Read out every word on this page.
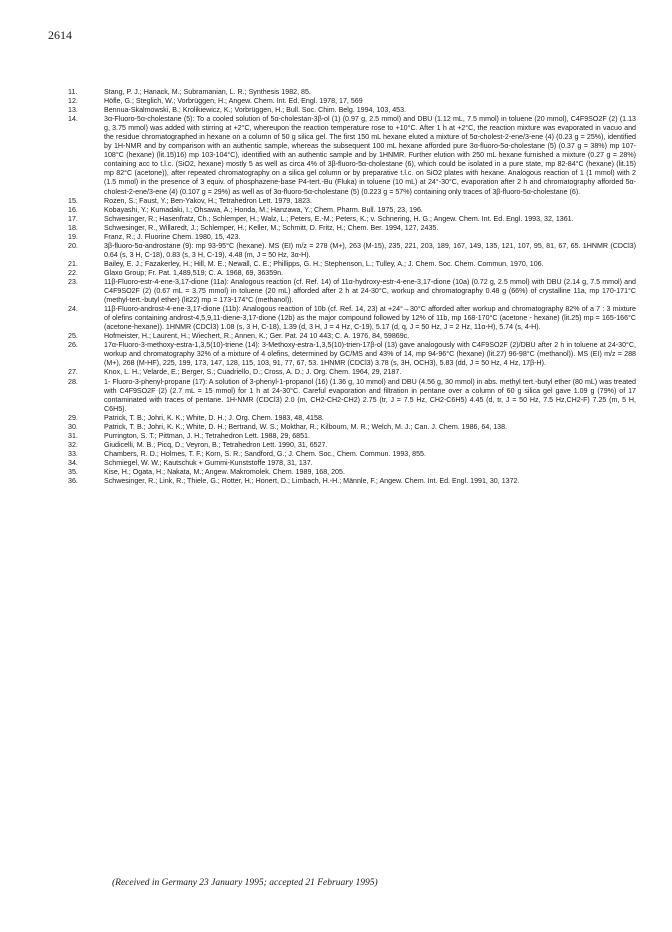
2614
11.	Stang, P. J.; Hanack, M.; Subramanian, L. R.; Synthesis 1982, 85.
12.	Höfle, G.; Steglich, W.; Vorbrüggen, H.; Angew. Chem. Int. Ed. Engl. 1978, 17, 569
13.	Bennua-Skalmowski, B.; Krolikiewicz, K.; Vorbrüggen, H.; Bull. Soc. Chim. Belg. 1994, 103, 453.
14.	3α-Fluoro-5α-cholestane (5): To a cooled solution of 5α-cholestan-3β-ol (1) (0.97 g, 2.5 mmol) and DBU (1.12 mL, 7.5 mmol) in toluene (20 mmol), C4F9SO2F (2) (1.13 g, 3.75 mmol) was added with stirring at +2°C, whereupon the reaction temperature rose to +10°C. After 1 h at +2°C, the reaction mixture was evaporated in vacuo and the residue chromatographed in hexane on a column of 50 g silica gel. The first 150 mL hexane eluted a mixture of 5α-cholest-2-ene/3-ene (4) (0.23 g = 25%), identified by 1H-NMR and by comparison with an authentic sample, whereas the subsequent 100 mL hexane afforded pure 3α-fluoro-5α-cholestane (5) (0.37 g = 38%) mp 107-108°C (hexane) (lit.15)16) mp 103-104°C), identified with an authentic sample and by 1HNMR. Further elution with 250 mL hexane furnished a mixture (0.27 g = 28%) containing acc to t.l.c. (SiO2, hexane) mostly 5 as well as circa 4% of 3β-fluoro-5α-cholestane (6), which could be isolated in a pure state, mp 82-84°C (hexane) (lit.15) mp 82°C (acetone)), after repeated chromatography on a silica gel column or by preparative t.l.c. on SiO2 plates with hexane. Analogous reaction of 1 (1 mmol) with 2 (1.5 mmol) in the presence of 3 equiv. of phosphazene-base P4-tert.-Bu (Fluka) in toluene (10 mL) at 24°-30°C, evaporation after 2 h and chromatography afforded 5α-cholest-2-ene/3-ene (4) (0.107 g = 29%) as well as of 3α-fluoro-5α-cholestane (5) (0.223 g = 57%) containing only traces of 3β-fluoro-5α-cholestane (6).
15.	Rozen, S.; Faust, Y.; Ben-Yakov, H.; Tetrahedron Lett. 1979, 1823.
16.	Kobayashi, Y.; Kumadaki, I.; Ohsawa, A.; Honda, M.; Hanzawa, Y.; Chem. Pharm. Bull. 1975, 23, 196.
17.	Schwesinger, R.; Hasenfratz, Ch.; Schlemper, H.; Walz, L.; Peters, E.-M.; Peters, K.; v. Schnering, H. G.; Angew. Chem. Int. Ed. Engl. 1993, 32, 1361.
18.	Schwesinger, R., Willaredt, J.; Schlemper, H.; Keller, M.; Schmitt, D. Fritz, H.; Chem. Ber. 1994, 127, 2435.
19.	Franz, R.; J. Fluorine Chem. 1980, 15, 423.
20.	3β-fluoro-5α-androstane (9): mp 93-95°C (hexane). MS (EI) m/z = 278 (M+), 263 (M-15), 235, 221, 203, 189, 167, 149, 135, 121, 107, 95, 81, 67, 65. 1HNMR (CDCl3) 0.64 (s, 3 H, C-18), 0.83 (s, 3 H, C-19), 4.48 (m, J = 50 Hz, 3α-H).
21.	Bailey, E. J.; Fazakerley, H.; Hill, M. E.; Newall, C. E.; Phillipps, G. H.; Stephenson, L.; Tulley, A.; J. Chem. Soc. Chem. Commun. 1970, 106.
22.	Glaxo Group; Fr. Pat. 1,489,519; C. A. 1968, 69, 36359n.
23.	11β-Fluoro-estr-4-ene-3,17-dione (11a): Analogous reaction (cf. Ref. 14) of 11α-hydroxy-estr-4-ene-3,17-dione (10a) (0.72 g, 2.5 mmol) with DBU (2.14 g, 7.5 mmol) and C4F9SO2F (2) (0.67 mL = 3.75 mmol) in toluene (20 mL) afforded after 2 h at 24-30°C, workup and chromatography 0.48 g (66%) of crystalline 11a, mp 170-171°C (methyl-tert.-butyl ether) (lit22) mp = 173-174°C (methanol)).
24.	11β-Fluoro-androst-4-ene-3,17-dione (11b): Analogous reaction of 10b (cf. Ref. 14, 23) at +24°→30°C afforded after workup and chromatography 82% of a 7 : 3 mixture of olefins containing androst-4,5,9,11-diene-3,17-dione (12b) as the major compound followed by 12% of 11b, mp 168-170°C (acetone - hexane) (lit.25) mp = 165-166°C (acetone-hexane)). 1HNMR (CDCl3) 1.08 (s, 3 H, C-18), 1.39 (d, 3 H, J = 4 Hz, C-19), 5.17 (d, q, J = 50 Hz, J = 2 Hz, 11α-H), 5.74 (s, 4-H).
25.	Hofmeister, H.; Laurent, H.; Wiechert, R.; Annen, K.; Ger. Pat. 24 10 443; C. A. 1976, 84, 59869c.
26.	17α-Fluoro-3-methoxy-estra-1,3,5(10)-triene (14): 3-Methoxy-estra-1,3,5(10)-trien-17β-ol (13) gave analogously with C4F9SO2F (2)/DBU after 2 h in toluene at 24-30°C, workup and chromatography 32% of a mixture of 4 olefins, determined by GC/MS and 43% of 14, mp 94-96°C (hexane) (lit.27) 96-98°C (methanol)). MS (EI) m/z = 288 (M+), 268 (M-HF), 225, 199, 173, 147, 128, 115, 103, 91, 77, 67, 53. 1HNMR (CDCl3) 3.78 (s, 3H, OCH3), 5.83 (dd, J = 50 Hz, 4 Hz, 17β-H).
27.	Knox, L. H.; Velarde, E.; Berger, S.; Cuadriello, D.; Cross, A. D.; J. Org. Chem. 1964, 29, 2187.
28.	1- Fluoro-3-phenyl-propane (17): A solution of 3-phenyl-1-propanol (16) (1.36 g, 10 mmol) and DBU (4.56 g, 30 mmol) in abs. methyl tert.-butyl ether (80 mL) was treated with C4F9SO2F (2) (2.7 mL = 15 mmol) for 1 h at 24-30°C. Careful evaporation and filtration in pentane over a column of 60 g silica gel gave 1.09 g (79%) of 17 contaminated with traces of pentane. 1H-NMR (CDCl3) 2.0 (m, CH2-CH2-CH2) 2.75 (tr, J = 7.5 Hz, CH2-C6H5) 4.45 (d, tr, J = 50 Hz, 7.5 Hz,CH2-F) 7.25 (m, 5 H, C6H5).
29.	Patrick, T. B.; Johri, K. K.; White, D. H.; J. Org. Chem. 1983, 48, 4158.
30.	Patrick, T. B.; Johri, K. K.; White, D. H.; Bertrand, W. S.; Mokthar, R.; Kilbourn, M. R.; Welch, M. J.; Can. J. Chem. 1986, 64, 138.
31.	Purrington, S. T.; Pittman, J. H.; Tetrahedron Lett. 1988, 29, 6851.
32.	Giudicelli, M. B.; Picq, D.; Veyron, B.; Tetrahedron Lett. 1990, 31, 6527.
33.	Chambers, R. D.; Holmes, T. F.; Korn, S. R.; Sandford, G.; J. Chem. Soc., Chem. Commun. 1993, 855.
34.	Schmiegel, W. W.; Kautschuk + Gummi-Kunststoffe 1978, 31, 137.
35.	Kise, H.; Ogata, H.; Nakata, M.; Angew. Makromolek. Chem. 1989, 168, 205.
36.	Schwesinger, R.; Link, R.; Thiele, G.; Rotter, H.; Honert, D.; Limbach, H.-H.; Männle, F.; Angew. Chem. Int. Ed. Engl. 1991, 30, 1372.
(Received in Germany 23 January 1995; accepted 21 February 1995)
